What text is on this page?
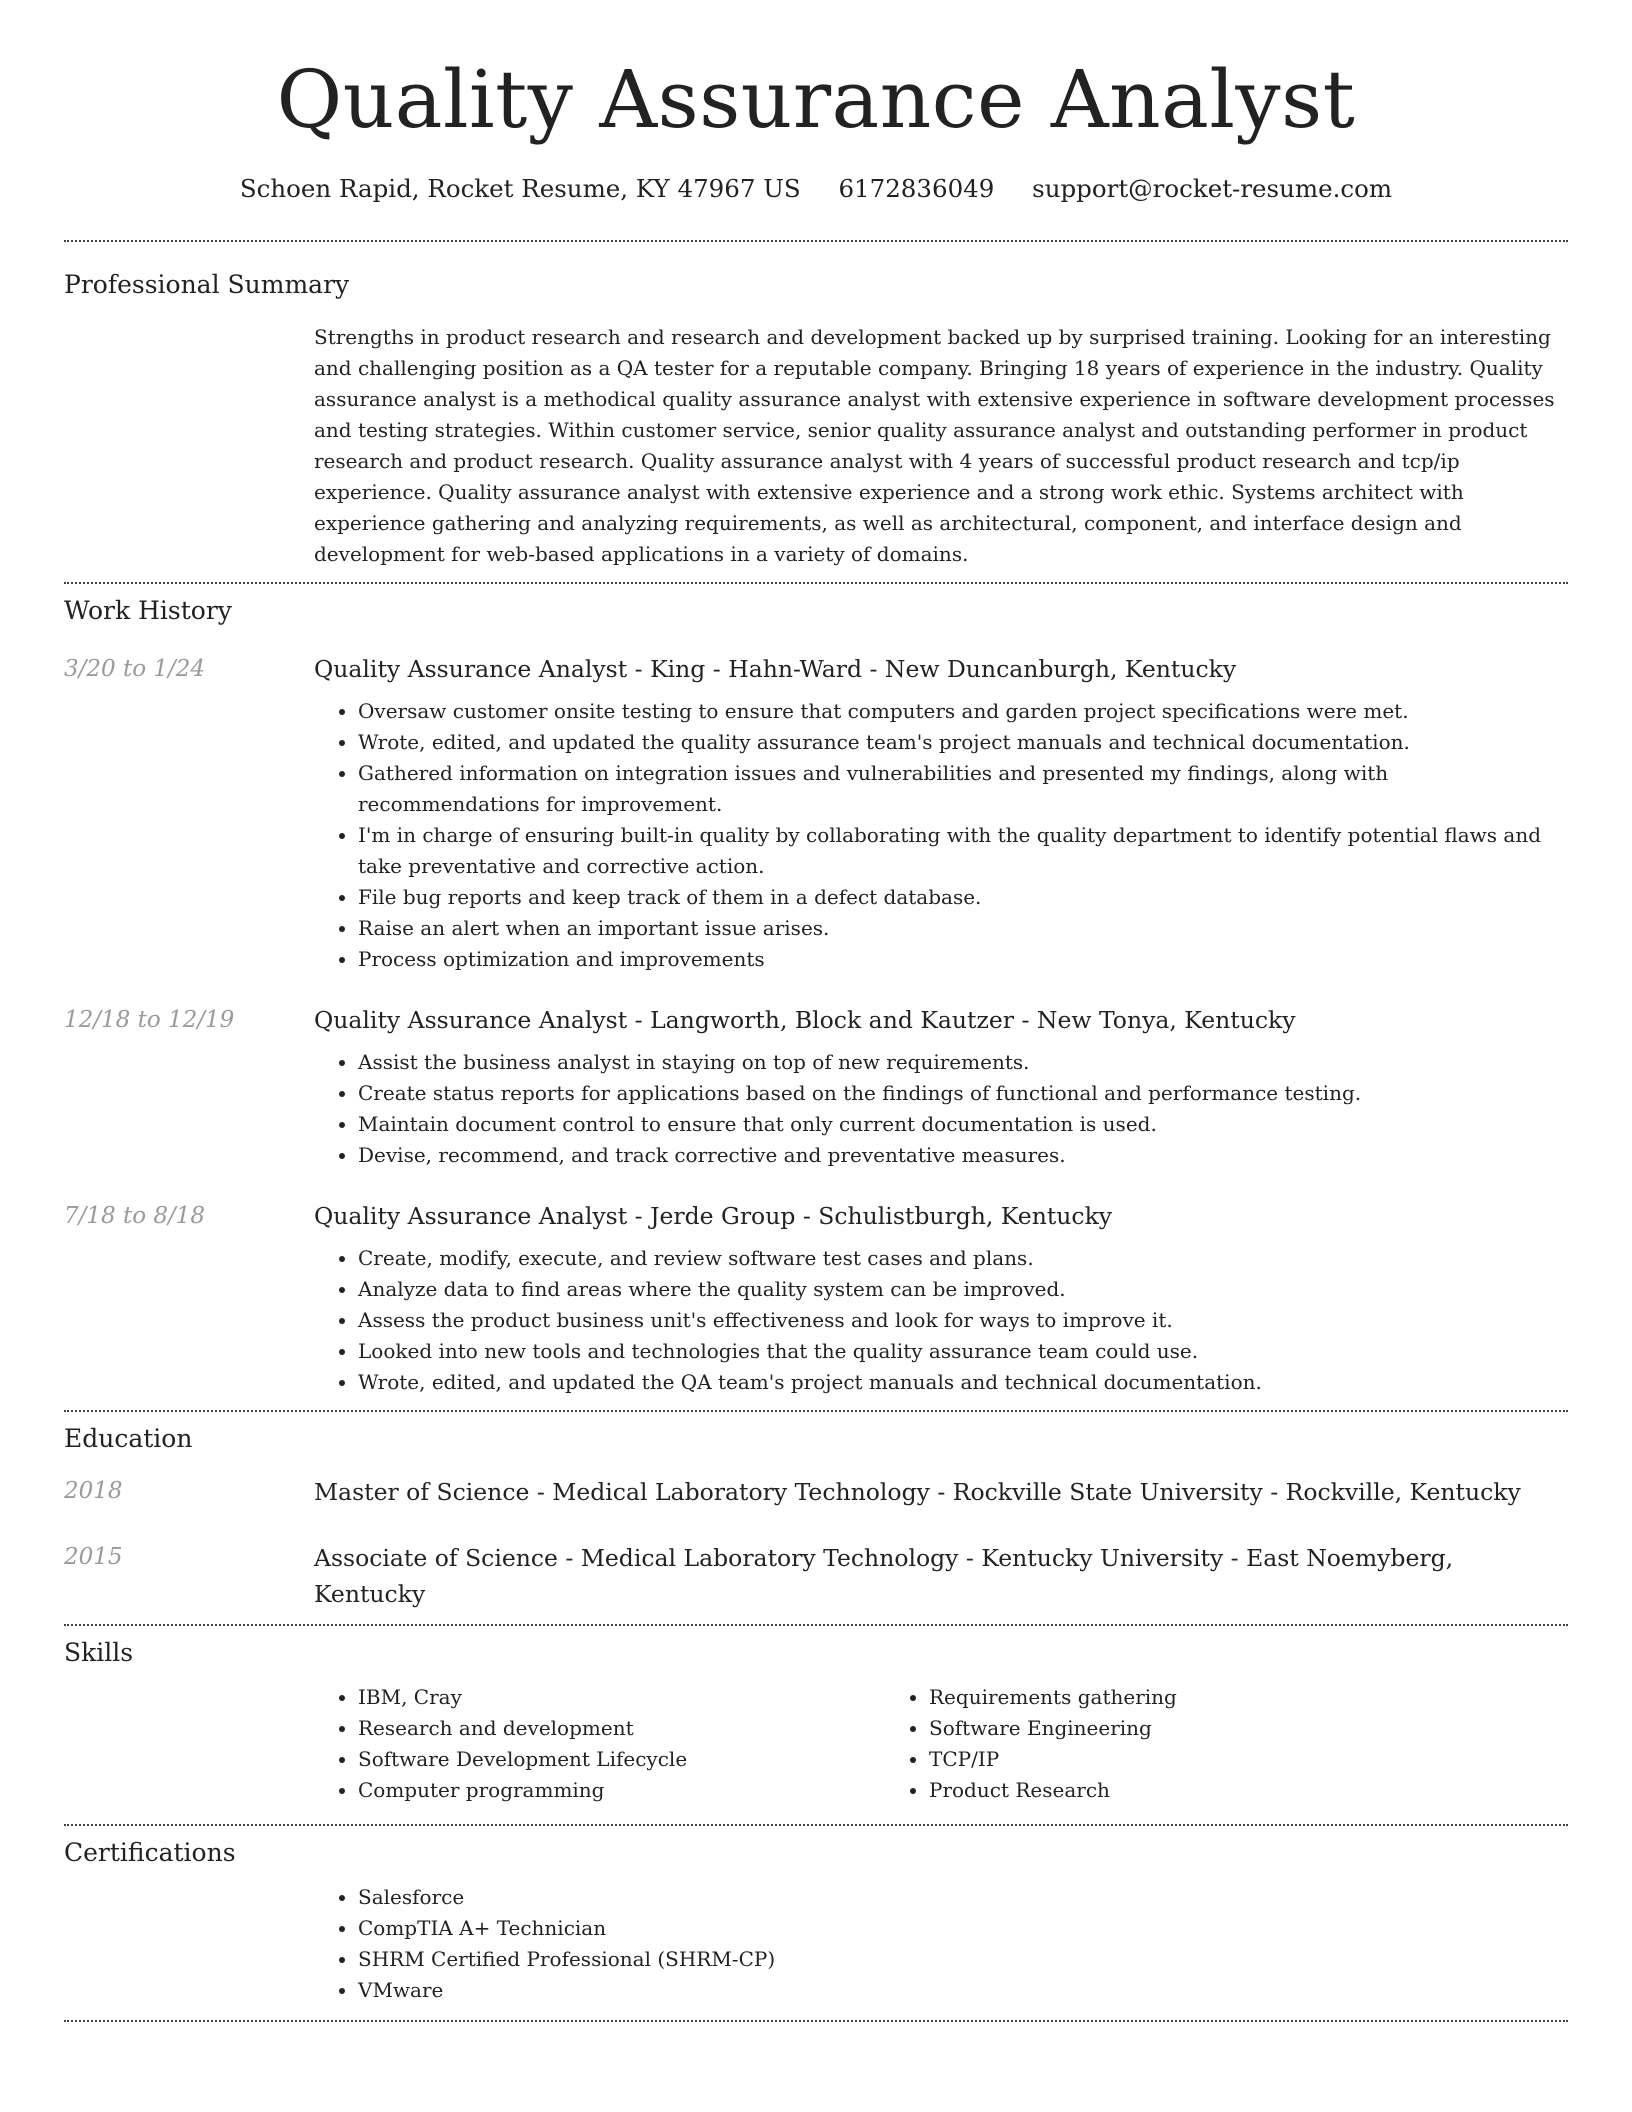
Quality Assurance Analyst
Schoen Rapid, Rocket Resume, KY 47967 US 6172836049 support@rocket-resume.com
Professional Summary

Strengths in product research and research and development backed up by surprised training. Looking for an interesting and challenging position as a QA tester for a reputable company. Bringing 18 years of experience in the industry. Quality assurance analyst is a methodical quality assurance analyst with extensive experience in software development processes and testing strategies. Within customer service, senior quality assurance analyst and outstanding performer in product research and product research. Quality assurance analyst with 4 years of successful product research and tcp/ip experience. Quality assurance analyst with extensive experience and a strong work ethic. Systems architect with experience gathering and analyzing requirements, as well as architectural, component, and interface design and development for web-based applications in a variety of domains.

Work History
3/20 to 1/24	Quality Assurance Analyst - King - Hahn-Ward - New Duncanburgh, Kentucky
• Oversaw customer onsite testing to ensure that computers and garden project specifications were met.
• Wrote, edited, and updated the quality assurance team's project manuals and technical documentation.
• Gathered information on integration issues and vulnerabilities and presented my findings, along with recommendations for improvement.
• I'm in charge of ensuring built-in quality by collaborating with the quality department to identify potential flaws and take preventative and corrective action.
• File bug reports and keep track of them in a defect database.
• Raise an alert when an important issue arises.
• Process optimization and improvements
12/18 to 12/19	Quality Assurance Analyst - Langworth, Block and Kautzer - New Tonya, Kentucky
• Assist the business analyst in staying on top of new requirements.
• Create status reports for applications based on the findings of functional and performance testing.
• Maintain document control to ensure that only current documentation is used.
• Devise, recommend, and track corrective and preventative measures.
7/18 to 8/18	Quality Assurance Analyst - Jerde Group - Schulistburgh, Kentucky
• Create, modify, execute, and review software test cases and plans.
• Analyze data to find areas where the quality system can be improved.
• Assess the product business unit's effectiveness and look for ways to improve it.
• Looked into new tools and technologies that the quality assurance team could use.
• Wrote, edited, and updated the QA team's project manuals and technical documentation.
Education
2018	Master of Science - Medical Laboratory Technology - Rockville State University - Rockville, Kentucky
2015	Associate of Science - Medical Laboratory Technology - Kentucky University - East Noemyberg, Kentucky
Skills
• IBM, Cray
• Research and development
• Software Development Lifecycle
• Computer programming
• Requirements gathering
• Software Engineering
• TCP/IP
• Product Research
Certifications
• Salesforce
• CompTIA A+ Technician
• SHRM Certified Professional (SHRM-CP)
• VMware
